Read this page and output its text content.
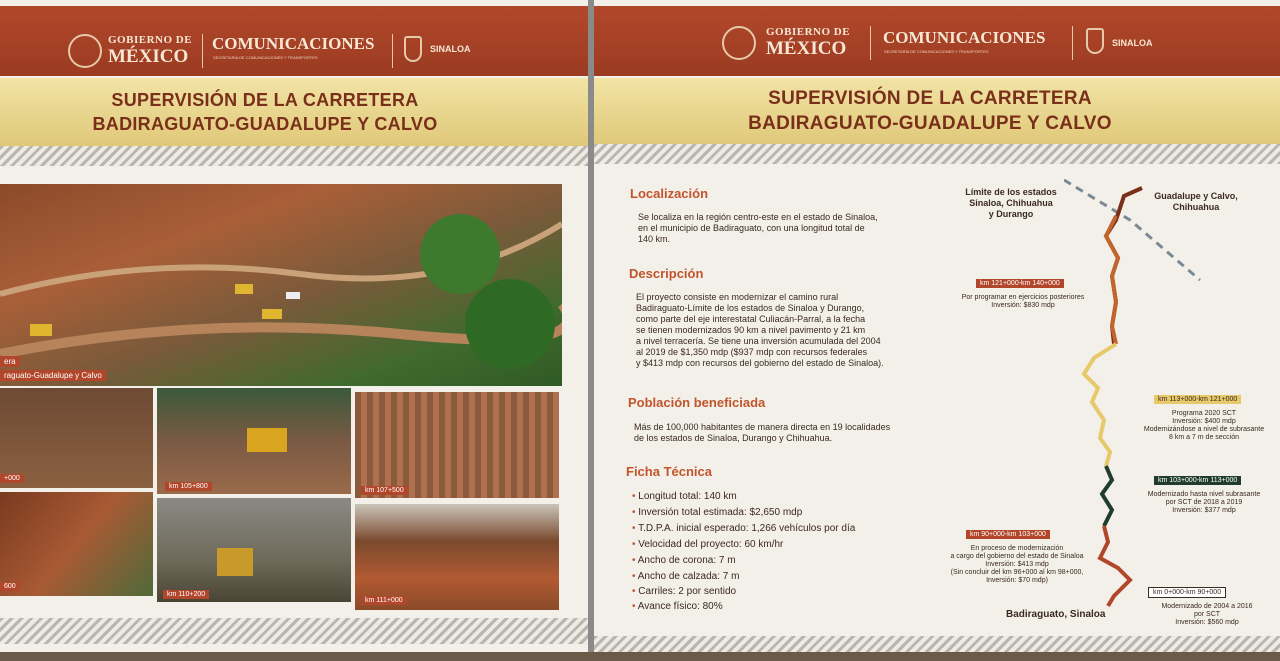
GOBIERNO DE
MÉXICO
COMUNICACIONES
SECRETARÍA DE COMUNICACIONES Y TRANSPORTES
SINALOA
SUPERVISIÓN DE LA CARRETERA
BADIRAGUATO-GUADALUPE Y CALVO
era
raguato-Guadalupe y Calvo
+000
km 105+800
km 107+500
600
km 110+200
km 111+000
GOBIERNO DE
MÉXICO
COMUNICACIONES
SECRETARÍA DE COMUNICACIONES Y TRANSPORTES
SINALOA
SUPERVISIÓN DE LA CARRETERA
BADIRAGUATO-GUADALUPE Y CALVO
Localización
Se localiza en la región centro-este en el estado de Sinaloa,
en el municipio de Badiraguato, con una longitud total de
140 km.
Descripción
El proyecto consiste en modernizar el camino rural
Badiraguato-Límite de los estados de Sinaloa y Durango,
como parte del eje interestatal Culiacán-Parral, a la fecha
se tienen modernizados 90 km a nivel pavimento y 21 km
a nivel terracería. Se tiene una inversión acumulada del 2004
al 2019 de $1,350 mdp ($937 mdp con recursos federales
y $413 mdp con recursos del gobierno del estado de Sinaloa).
Población beneficiada
Más de 100,000 habitantes de manera directa en 19 localidades
de los estados de Sinaloa, Durango y Chihuahua.
Ficha Técnica
• Longitud total: 140 km
• Inversión total estimada: $2,650 mdp
• T.D.P.A. inicial esperado: 1,266 vehículos por día
• Velocidad del proyecto: 60 km/hr
• Ancho de corona: 7 m
• Ancho de calzada: 7 m
• Carriles: 2 por sentido
• Avance físico: 80%
Límite de los estados
Sinaloa, Chihuahua
y Durango
Guadalupe y Calvo,
Chihuahua
Badiraguato, Sinaloa
km 121+000-km 140+000
Por programar en ejercicios posteriores
Inversión: $830 mdp
km 113+000-km 121+000
Programa 2020 SCT
Inversión: $400 mdp
Modernizándose a nivel de subrasante
8 km a 7 m de sección
km 103+000-km 113+000
Modernizado hasta nivel subrasante
por SCT de 2018 a 2019
Inversión: $377 mdp
km 90+000-km 103+000
En proceso de modernización
a cargo del gobierno del estado de Sinaloa
Inversión: $413 mdp
(Sin concluir del km 96+000 al km 98+000,
Inversión: $70 mdp)
km 0+000-km 90+000
Modernizado de 2004 a 2016
por SCT
Inversión: $560 mdp
